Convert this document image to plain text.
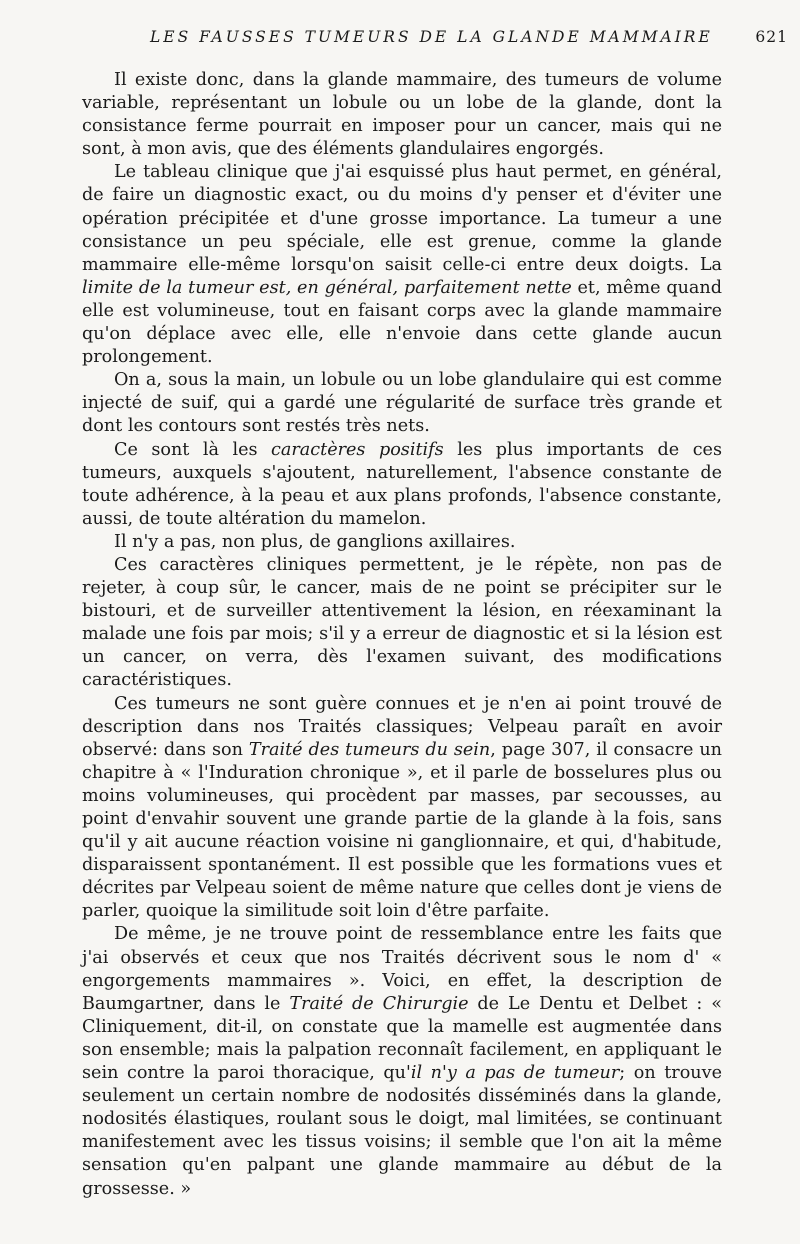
LES FAUSSES TUMEURS DE LA GLANDE MAMMAIRE	621

Il existe donc, dans la glande mammaire, des tumeurs de volume variable, représentant un lobule ou un lobe de la glande, dont la consistance ferme pourrait en imposer pour un cancer, mais qui ne sont, à mon avis, que des éléments glandulaires engorgés.

Le tableau clinique que j'ai esquissé plus haut permet, en général, de faire un diagnostic exact, ou du moins d'y penser et d'éviter une opération précipitée et d'une grosse importance. La tumeur a une consistance un peu spéciale, elle est grenue, comme la glande mammaire elle-même lorsqu'on saisit celle-ci entre deux doigts. La limite de la tumeur est, en général, parfaitement nette et, même quand elle est volumineuse, tout en faisant corps avec la glande mammaire qu'on déplace avec elle, elle n'envoie dans cette glande aucun prolongement.

On a, sous la main, un lobule ou un lobe glandulaire qui est comme injecté de suif, qui a gardé une régularité de surface très grande et dont les contours sont restés très nets.

Ce sont là les caractères positifs les plus importants de ces tumeurs, auxquels s'ajoutent, naturellement, l'absence constante de toute adhérence, à la peau et aux plans profonds, l'absence constante, aussi, de toute altération du mamelon.

Il n'y a pas, non plus, de ganglions axillaires.

Ces caractères cliniques permettent, je le répète, non pas de rejeter, à coup sûr, le cancer, mais de ne point se précipiter sur le bistouri, et de surveiller attentivement la lésion, en réexaminant la malade une fois par mois; s'il y a erreur de diagnostic et si la lésion est un cancer, on verra, dès l'examen suivant, des modifications caractéristiques.

Ces tumeurs ne sont guère connues et je n'en ai point trouvé de description dans nos Traités classiques; Velpeau paraît en avoir observé: dans son Traité des tumeurs du sein, page 307, il consacre un chapitre à « l'Induration chronique », et il parle de bosselures plus ou moins volumineuses, qui procèdent par masses, par secousses, au point d'envahir souvent une grande partie de la glande à la fois, sans qu'il y ait aucune réaction voisine ni ganglionnaire, et qui, d'habitude, disparaissent spontanément. Il est possible que les formations vues et décrites par Velpeau soient de même nature que celles dont je viens de parler, quoique la similitude soit loin d'être parfaite.

De même, je ne trouve point de ressemblance entre les faits que j'ai observés et ceux que nos Traités décrivent sous le nom d' « engorgements mammaires ». Voici, en effet, la description de Baumgartner, dans le Traité de Chirurgie de Le Dentu et Delbet : « Cliniquement, dit-il, on constate que la mamelle est augmentée dans son ensemble; mais la palpation reconnaît facilement, en appliquant le sein contre la paroi thoracique, qu'il n'y a pas de tumeur; on trouve seulement un certain nombre de nodosités disséminés dans la glande, nodosités élastiques, roulant sous le doigt, mal limitées, se continuant manifestement avec les tissus voisins; il semble que l'on ait la même sensation qu'en palpant une glande mammaire au début de la grossesse. »
